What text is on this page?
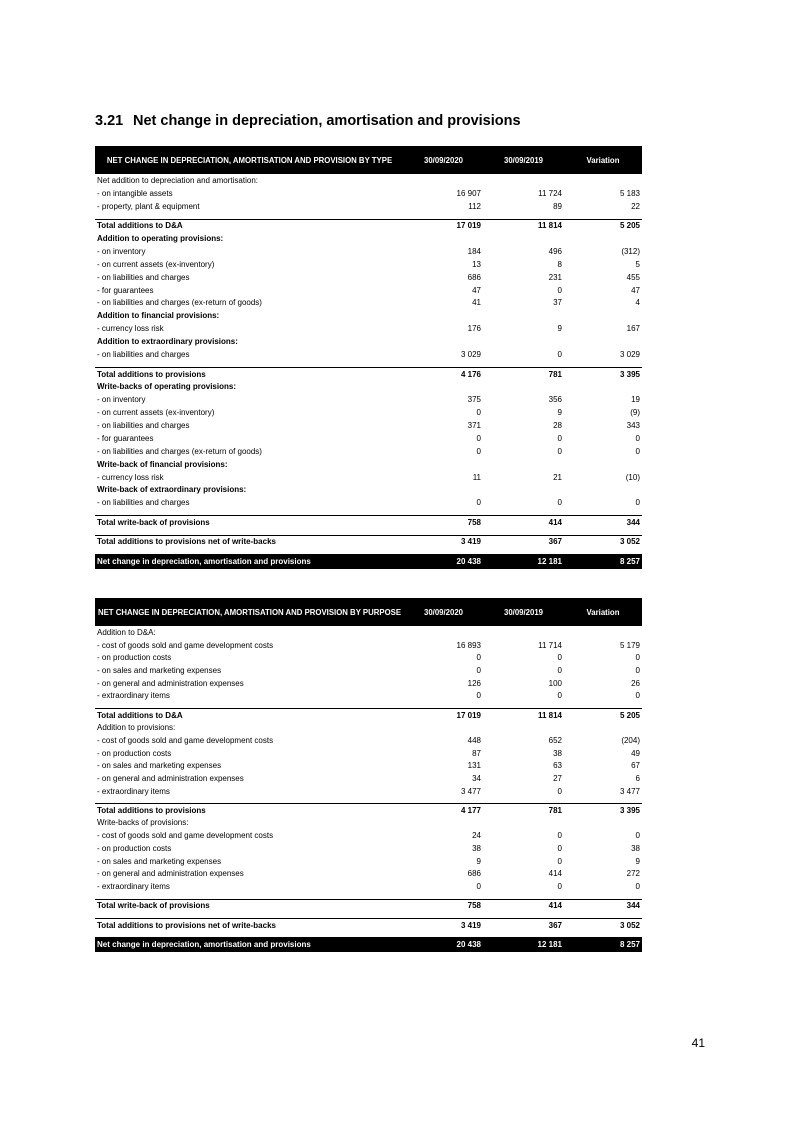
3.21 Net change in depreciation, amortisation and provisions
NET CHANGE IN DEPRECIATION, AMORTISATION AND PROVISION BY TYPE	30/09/2020	30/09/2019	Variation
Net addition to depreciation and amortisation:			
- on intangible assets	16 907	11 724	5 183
- property, plant & equipment	112	89	22

Total additions to D&A	17 019	11 814	5 205
Addition to operating provisions:			
- on inventory	184	496	(312)
- on current assets (ex-inventory)	13	8	5
- on liabilities and charges	686	231	455
- for guarantees	47	0	47
- on liabilities and charges (ex-return of goods)	41	37	4
Addition to financial provisions:			
- currency loss risk	176	9	167
Addition to extraordinary provisions:			
- on liabilities and charges	3 029	0	3 029

Total additions to provisions	4 176	781	3 395
Write-backs of operating provisions:			
- on inventory	375	356	19
- on current assets (ex-inventory)	0	9	(9)
- on liabilities and charges	371	28	343
- for guarantees	0	0	0
- on liabilities and charges (ex-return of goods)	0	0	0
Write-back of financial provisions:			
- currency loss risk	11	21	(10)
Write-back of extraordinary provisions:			
- on liabilities and charges	0	0	0

Total write-back of provisions	758	414	344

Total additions to provisions net of write-backs	3 419	367	3 052

Net change in depreciation, amortisation and provisions	20 438	12 181	8 257
NET CHANGE IN DEPRECIATION, AMORTISATION AND PROVISION BY PURPOSE	30/09/2020	30/09/2019	Variation
Addition to D&A:			
- cost of goods sold and game development costs	16 893	11 714	5 179
- on production costs	0	0	0
- on sales and marketing expenses	0	0	0
- on general and administration expenses	126	100	26
- extraordinary items	0	0	0

Total additions to D&A	17 019	11 814	5 205
Addition to provisions:			
- cost of goods sold and game development costs	448	652	(204)
- on production costs	87	38	49
- on sales and marketing expenses	131	63	67
- on general and administration expenses	34	27	6
- extraordinary items	3 477	0	3 477

Total additions to provisions	4 177	781	3 395
Write-backs of provisions:			
- cost of goods sold and game development costs	24	0	0
- on production costs	38	0	38
- on sales and marketing expenses	9	0	9
- on general and administration expenses	686	414	272
- extraordinary items	0	0	0

Total write-back of provisions	758	414	344

Total additions to provisions net of write-backs	3 419	367	3 052

Net change in depreciation, amortisation and provisions	20 438	12 181	8 257
41
